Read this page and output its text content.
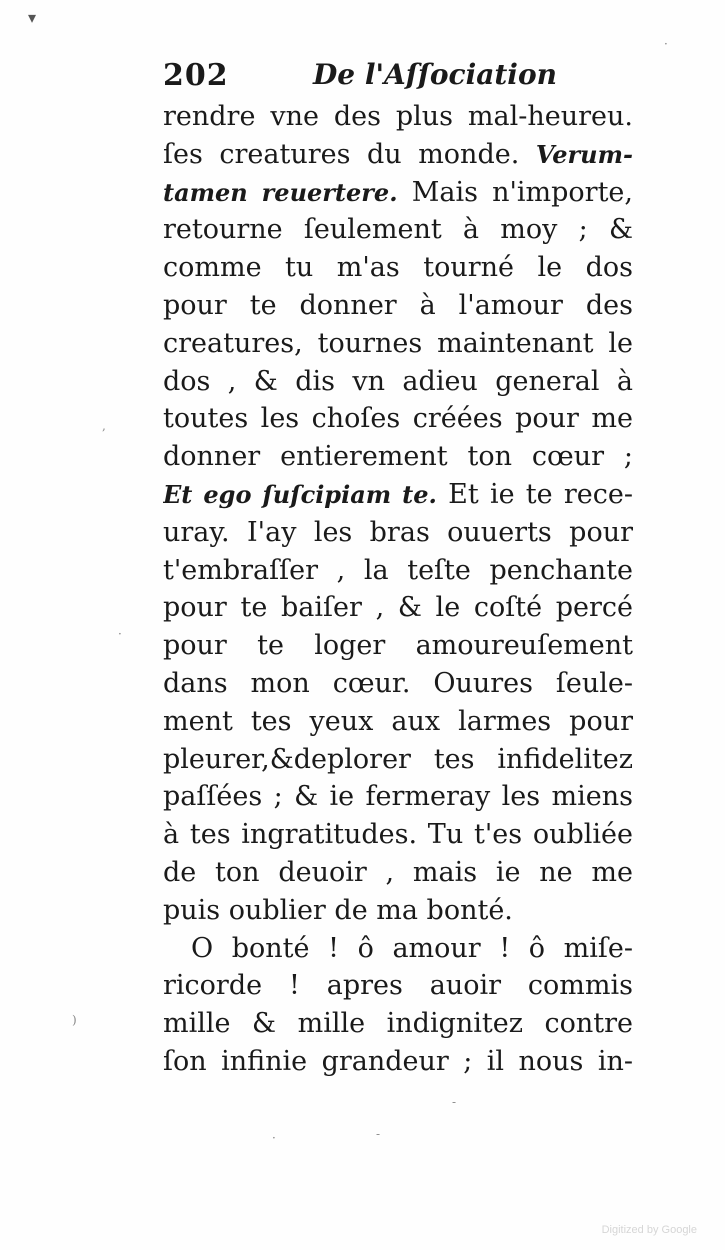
202	De l'Aſſociation
rendre vne des plus mal-heureu.
ſes creatures du monde. Verum-
tamen reuertere. Mais n'importe,
retourne ſeulement à moy ; &
comme tu m'as tourné le dos
pour te donner à l'amour des
creatures, tournes maintenant le
dos , & dis vn adieu general à
toutes les choſes créées pour me
donner entierement ton cœur ;
Et ego ſuſcipiam te. Et ie te rece-
uray. I'ay les bras ouuerts pour
t'embraſſer , la teſte penchante
pour te baiſer , & le coſté percé
pour te loger amoureuſement
dans mon cœur. Ouures ſeule-
ment tes yeux aux larmes pour
pleurer,&deplorer tes infidelitez
paſſées ; & ie fermeray les miens
à tes ingratitudes. Tu t'es oubliée
de ton deuoir , mais ie ne me
puis oublier de ma bonté.
O bonté ! ô amour ! ô miſe-
ricorde ! apres auoir commis
mille & mille indignitez contre
ſon infinie grandeur ; il nous in-
▾
·
,
·
)
·	-
-
Digitized by Google
